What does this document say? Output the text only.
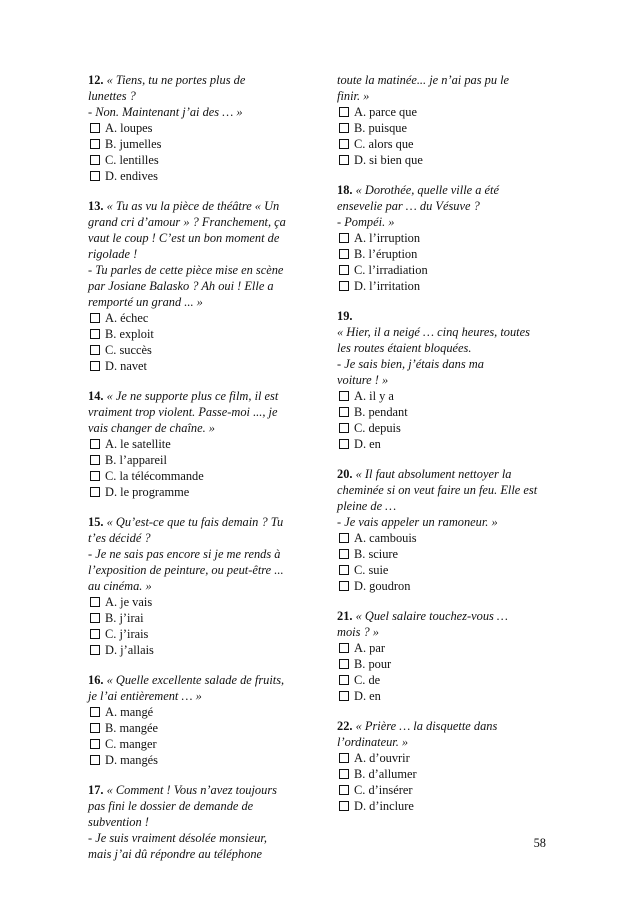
12. « Tiens, tu ne portes plus de
lunettes ?
- Non. Maintenant j’ai des … »
A. loupes
B. jumelles
C. lentilles
D. endives
13. « Tu as vu la pièce de théâtre « Un
grand cri d’amour » ? Franchement, ça
vaut le coup ! C’est un bon moment de
rigolade !
- Tu parles de cette pièce mise en scène
par Josiane Balasko ? Ah oui ! Elle a
remporté un grand ... »
A. échec
B. exploit
C. succès
D. navet
14. « Je ne supporte plus ce film, il est
vraiment trop violent. Passe-moi ..., je
vais changer de chaîne. »
A. le satellite
B. l’appareil
C. la télécommande
D. le programme
15. « Qu’est-ce que tu fais demain ? Tu
t’es décidé ?
- Je ne sais pas encore si je me rends à
l’exposition de peinture, ou peut-être ...
au cinéma. »
A. je vais
B. j’irai
C. j’irais
D. j’allais
16. « Quelle excellente salade de fruits,
je l’ai entièrement … »
A. mangé
B. mangée
C. manger
D. mangés
17. « Comment ! Vous n’avez toujours
pas fini le dossier de demande de
subvention !
- Je suis vraiment désolée monsieur,
mais j’ai dû répondre au téléphone
toute la matinée... je n’ai pas pu le
finir. »
A. parce que
B. puisque
C. alors que
D. si bien que
18. « Dorothée, quelle ville a été
ensevelie par … du Vésuve ?
- Pompéi. »
A. l’irruption
B. l’éruption
C. l’irradiation
D. l’irritation
19.
« Hier, il a neigé … cinq heures, toutes
les routes étaient bloquées.
- Je sais bien, j’étais dans ma
voiture ! »
A. il y a
B. pendant
C. depuis
D. en
20. « Il faut absolument nettoyer la
cheminée si on veut faire un feu. Elle est
pleine de …
- Je vais appeler un ramoneur. »
A. cambouis
B. sciure
C. suie
D. goudron
21. « Quel salaire touchez-vous …
mois ? »
A. par
B. pour
C. de
D. en
22. « Prière … la disquette dans
l’ordinateur. »
A. d’ouvrir
B. d’allumer
C. d’insérer
D. d’inclure
58
